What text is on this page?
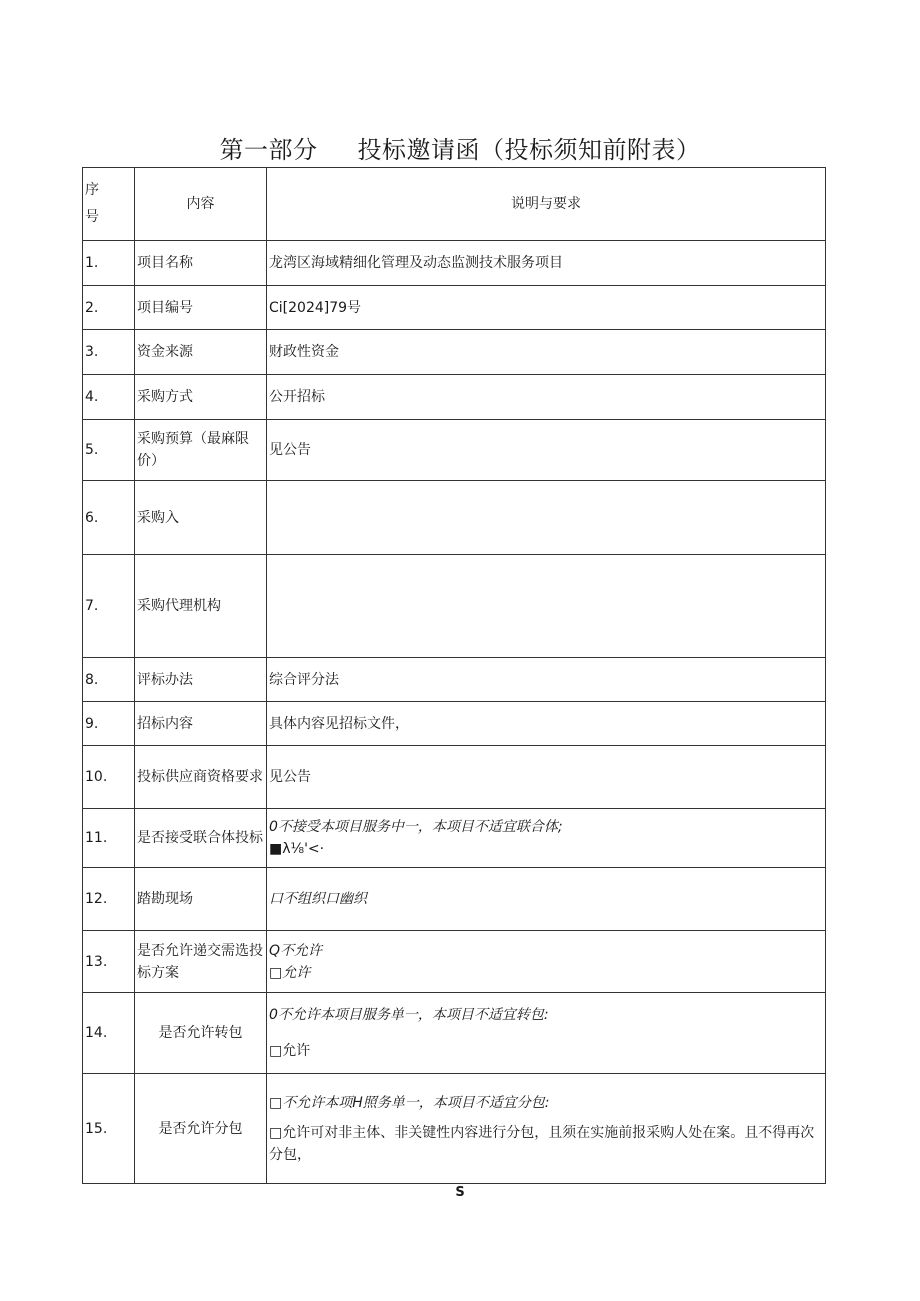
第一部分 投标邀请函（投标须知前附表）
序
号	内容	说明与要求
1.	项目名称	龙湾区海域精细化管理及动态监测技术服务项目
2.	项目编号	Ci[2024]79号
3.	资金来源	财政性资金
4.	采购方式	公开招标
5.	采购预算（最麻限价）	见公告
6.	采购入	
7.	采购代理机构	
8.	评标办法	综合评分法
9.	招标内容	具体内容见招标文件，
10.	投标供应商资格要求	见公告
11.	是否接受联合体投标	0不接受本项目服务中一，本项目不适宜联合体;
■λ⅛'<·

12.	踏勘现场	口不组织口幽织
13.	是否允许递交需选投标方案	Q不允许
□允许

14.	是否允许转包	0不允许本项目服务单一，本项目不适宜转包:
□允许

15.	是否允许分包	□不允许本项H照务单一，本项目不适宜分包:
□允许可对非主体、非关键性内容进行分包，且须在实施前报采购人处在案。且不得再次分包，
S
